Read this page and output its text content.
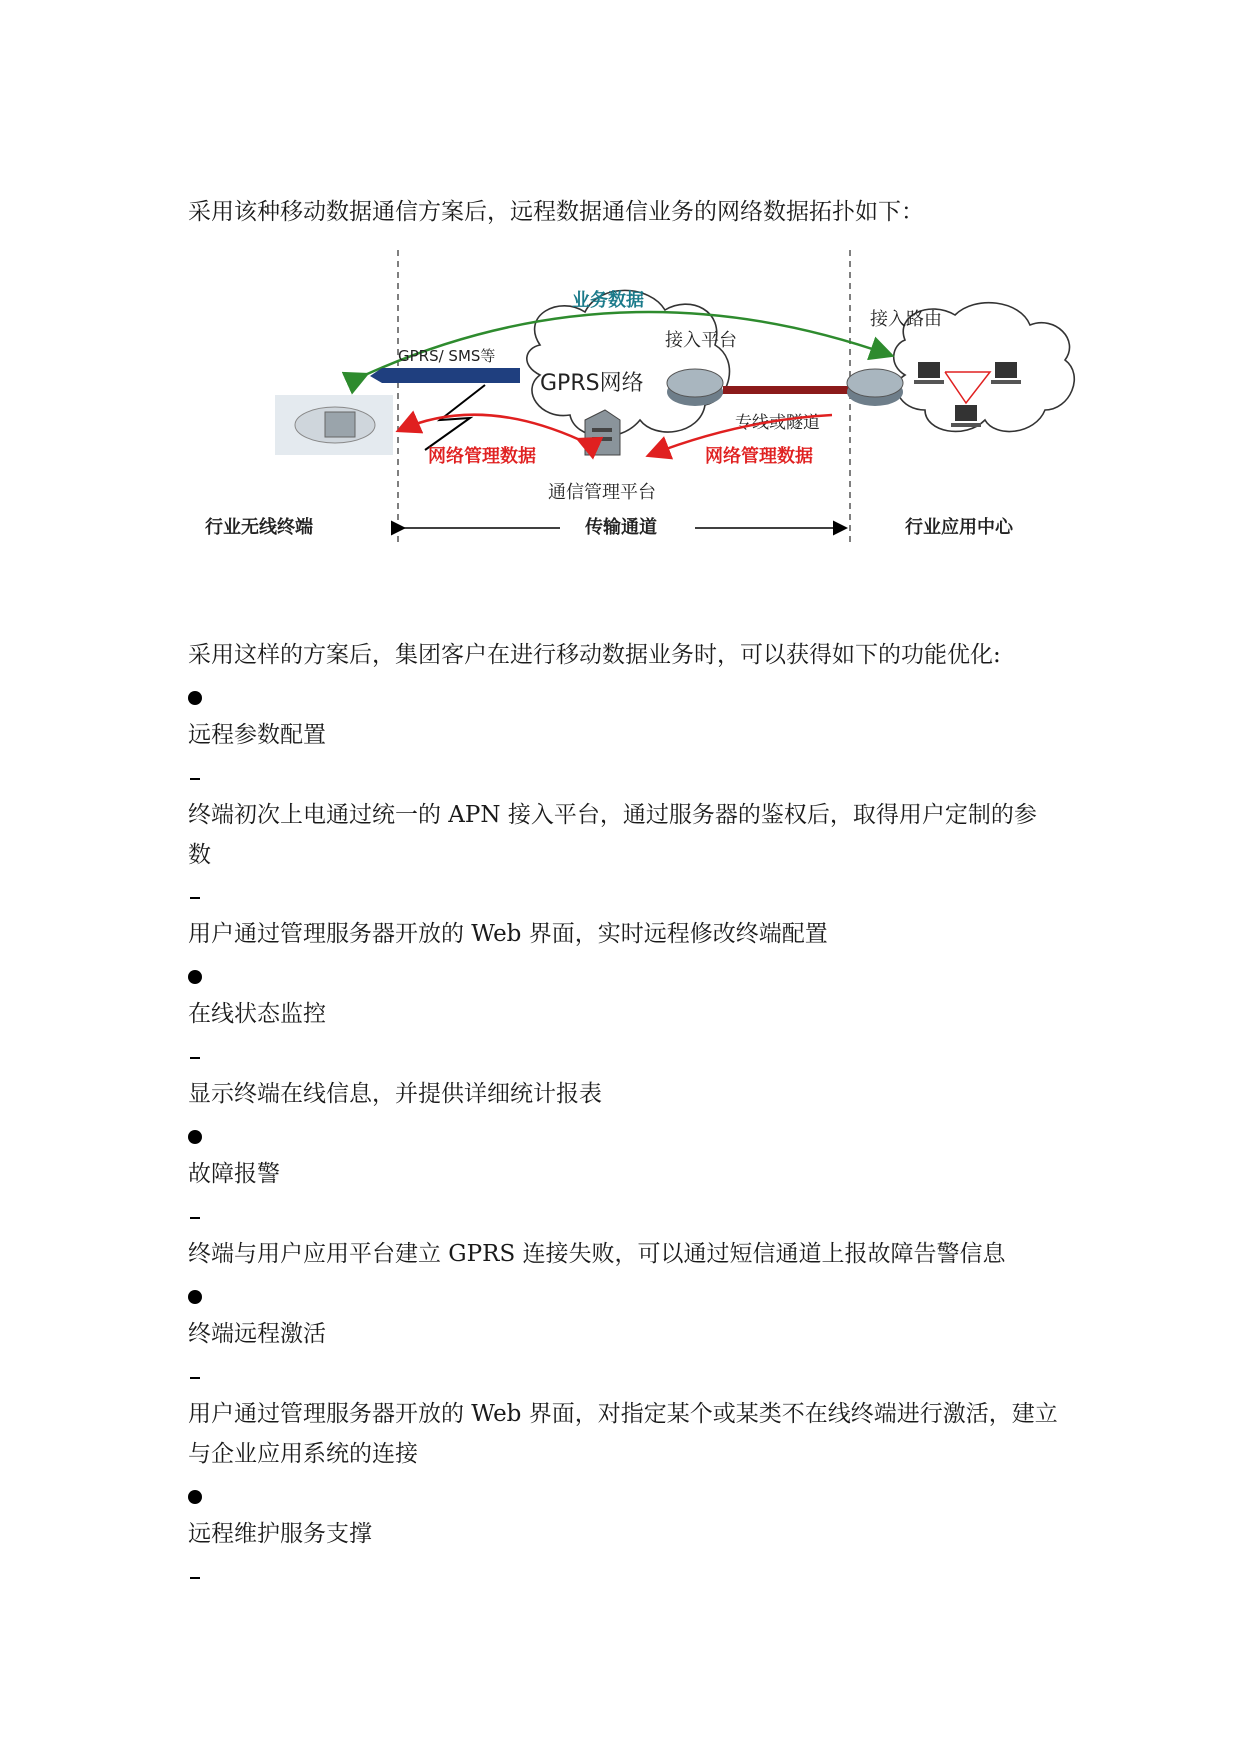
采用该种移动数据通信方案后，远程数据通信业务的网络数据拓扑如下：
业务数据
GPRS/ SMS等
GPRS网络
接入平台
专线或隧道
接入路由
网络管理数据	网络管理数据
通信管理平台
行业无线终端	传输通道	行业应用中心
采用这样的方案后，集团客户在进行移动数据业务时，可以获得如下的功能优化:
远程参数配置
终端初次上电通过统一的 APN 接入平台，通过服务器的鉴权后，取得用户定制的参数
用户通过管理服务器开放的 Web 界面，实时远程修改终端配置
在线状态监控
显示终端在线信息，并提供详细统计报表
故障报警
终端与用户应用平台建立 GPRS 连接失败，可以通过短信通道上报故障告警信息
终端远程激活
用户通过管理服务器开放的 Web 界面，对指定某个或某类不在线终端进行激活，建立与企业应用系统的连接
远程维护服务支撑
